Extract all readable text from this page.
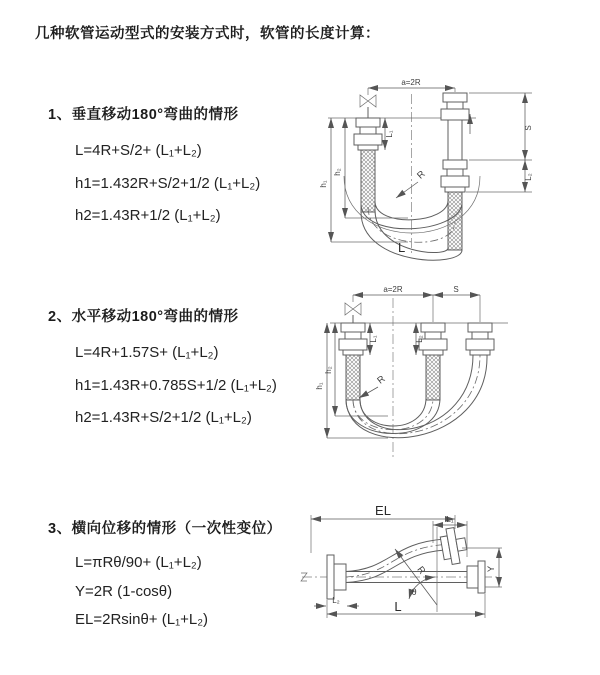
几种软管运动型式的安装方式时，软管的长度计算：
1、垂直移动180°弯曲的情形
L=4R+S/2+ (L₁+L₂)
h1=1.432R+S/2+1/2 (L₁+L₂)
h2=1.43R+1/2 (L₁+L₂)
2、水平移动180°弯曲的情形
L=4R+1.57S+ (L₁+L₂)
h1=1.43R+0.785S+1/2 (L₁+L₂)
h2=1.43R+S/2+1/2 (L₁+L₂)
3、横向位移的情形（一次性变位）
L=πRθ/90+ (L₁+L₂)
Y=2R (1-cosθ)
EL=2Rsinθ+ (L₁+L₂)
a=2R
L₁
S
L₂
h₁
h₂	R
L
a=2R	S
L₁	L₂
h₁
h₂
R
EL
L₁
Y
R
θ
L₂	L
